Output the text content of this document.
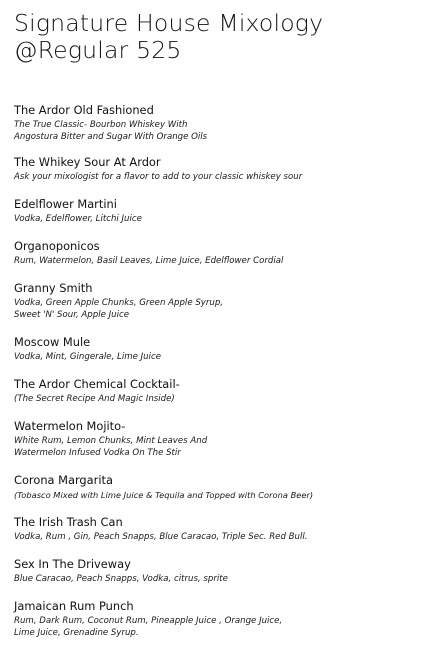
Signature House Mixology
@Regular 525
The Ardor Old Fashioned
The True Classic- Bourbon Whiskey With
Angostura Bitter and Sugar With Orange Oils
The Whikey Sour At Ardor
Ask your mixologist for a flavor to add to your classic whiskey sour
Edelflower Martini
Vodka, Edelflower, Litchi Juice
Organoponicos
Rum, Watermelon, Basil Leaves, Lime Juice, Edelflower Cordial
Granny Smith
Vodka, Green Apple Chunks, Green Apple Syrup,
Sweet 'N' Sour, Apple Juice
Moscow Mule
Vodka, Mint, Gingerale, Lime Juice
The Ardor Chemical Cocktail-
(The Secret Recipe And Magic Inside)
Watermelon Mojito-
White Rum, Lemon Chunks, Mint Leaves And
Watermelon Infused Vodka On The Stir
Corona Margarita
(Tobasco Mixed with Lime Juice & Tequila and Topped with Corona Beer)
The Irish Trash Can
Vodka, Rum , Gin, Peach Snapps, Blue Caracao, Triple Sec. Red Bull.
Sex In The Driveway
Blue Caracao, Peach Snapps, Vodka, citrus, sprite
Jamaican Rum Punch
Rum, Dark Rum, Coconut Rum, Pineapple Juice , Orange Juice,
Lime Juice, Grenadine Syrup.
